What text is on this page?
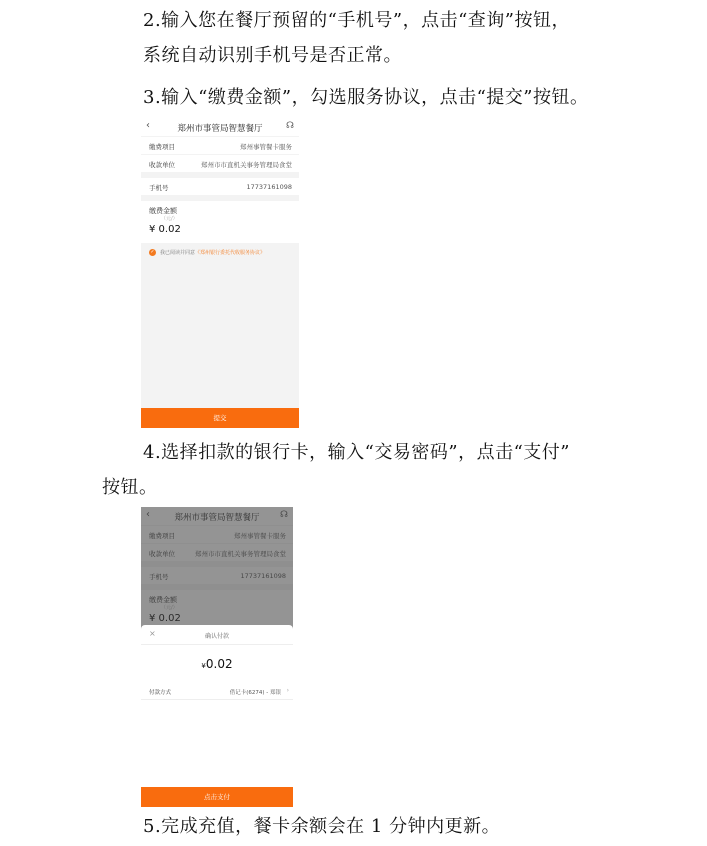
2.输入您在餐厅预留的“手机号”，点击“查询”按钮，
系统自动识别手机号是否正常。
3.输入“缴费金额”，勾选服务协议，点击“提交”按钮。
‹	郑州市事管局智慧餐厅	☊
缴费项目	郑州事管餐卡服务
收款单位	郑州市市直机关事务管理局食堂
手机号	17737161098
缴费金额
（元/）
¥ 0.02
✓ 我已阅读并同意《郑州银行委托代收服务协议》
提交
4.选择扣款的银行卡，输入“交易密码”，点击“支付”
按钮。
×	确认付款
¥0.02
付款方式	借记卡(6274) - 郑银 ›
点击支付
5.完成充值，餐卡余额会在 1 分钟内更新。
